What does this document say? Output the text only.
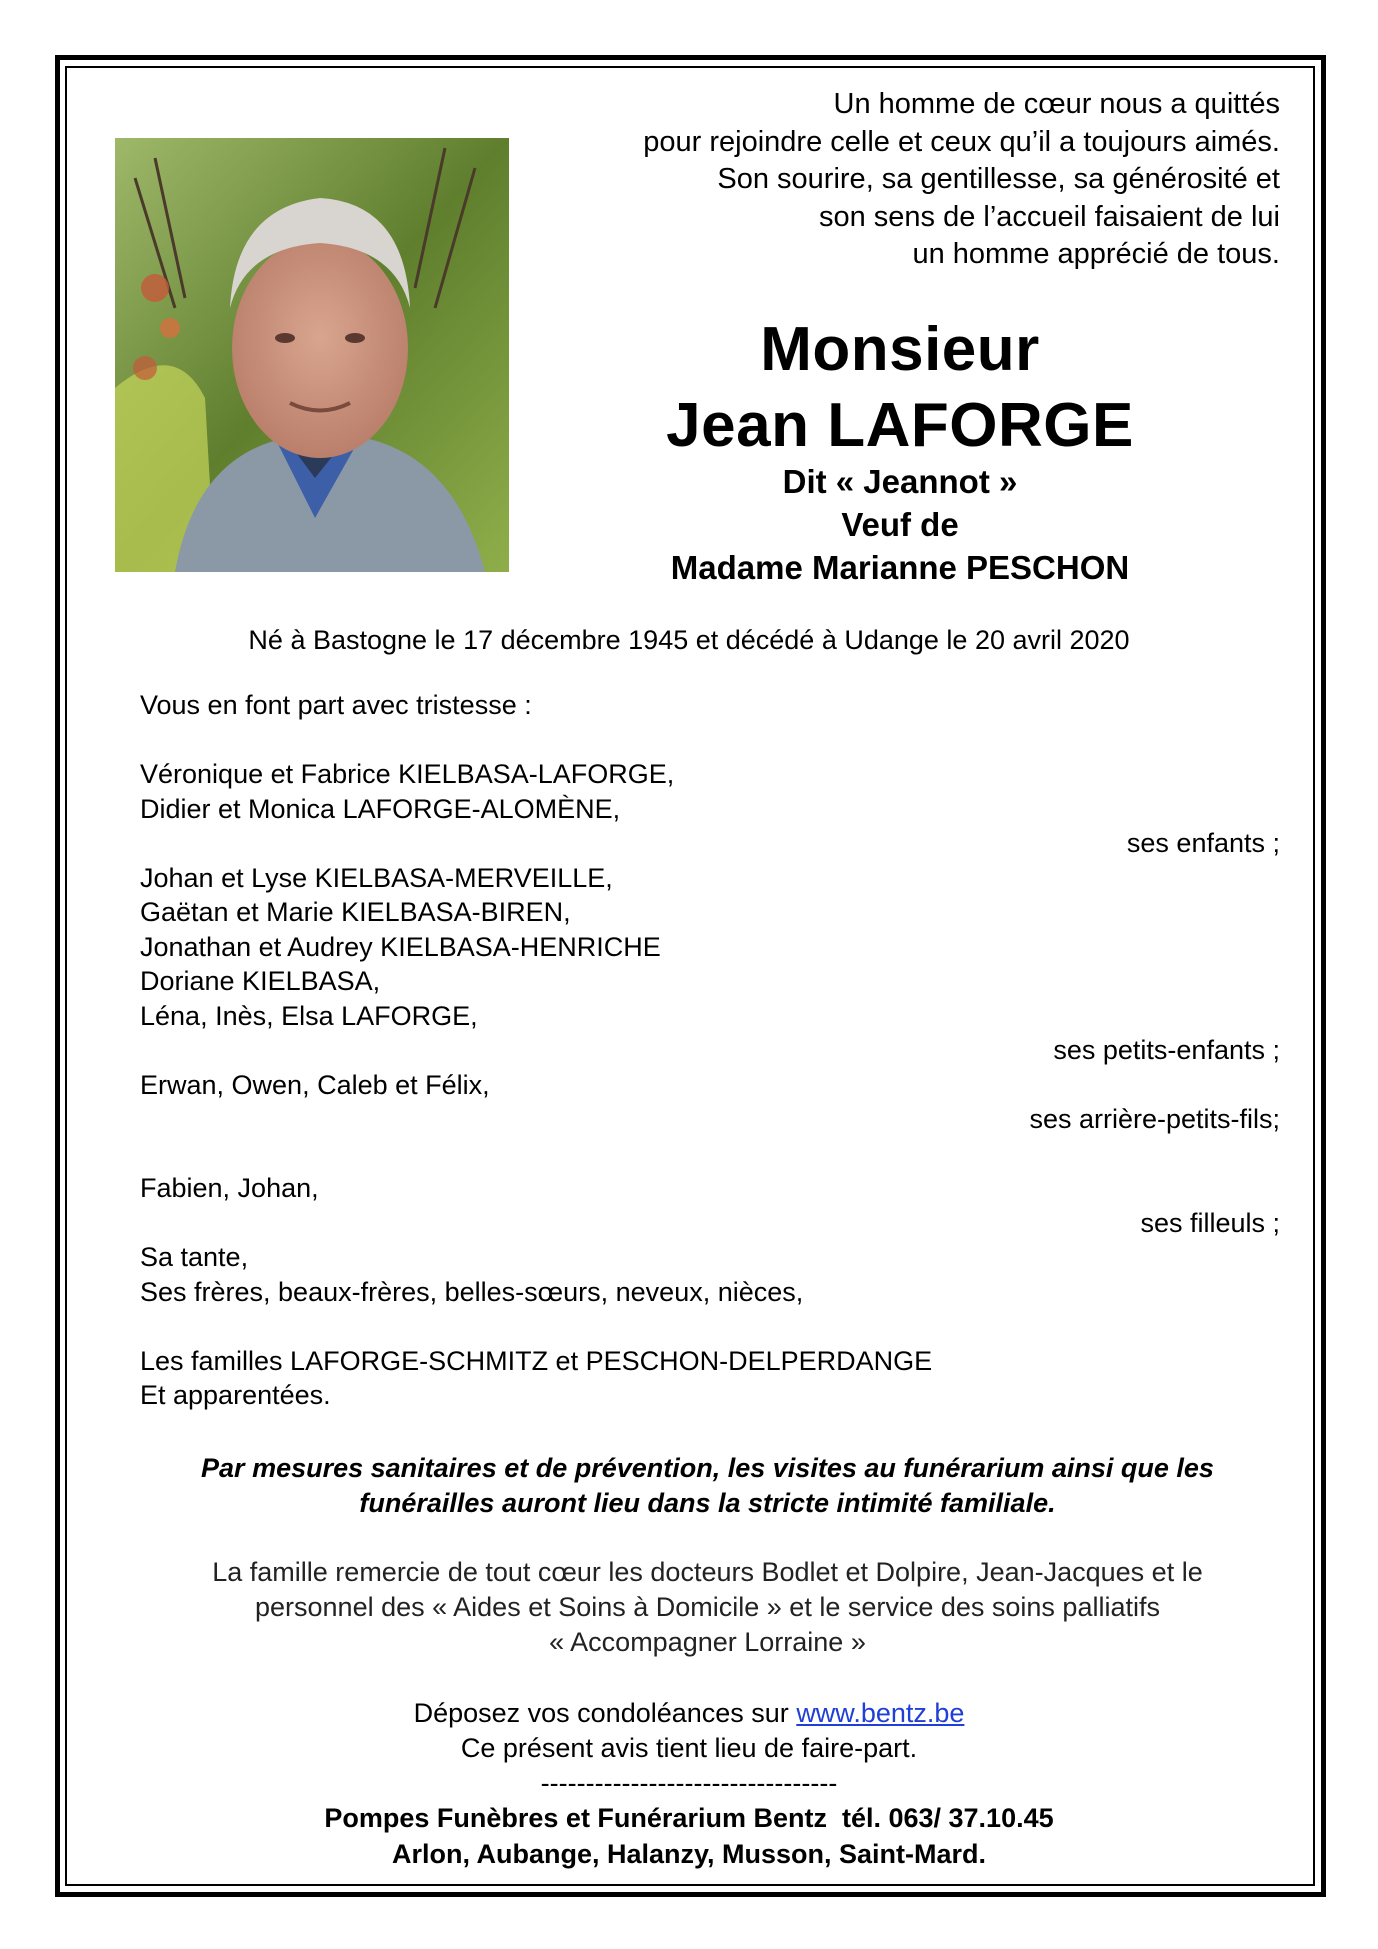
Un homme de cœur nous a quittés
pour rejoindre celle et ceux qu’il a toujours aimés.
Son sourire, sa gentillesse, sa générosité et
son sens de l’accueil faisaient de lui
un homme apprécié de tous.
Monsieur
Jean LAFORGE
Dit « Jeannot »
Veuf de
Madame Marianne PESCHON
Né à Bastogne le 17 décembre 1945 et décédé à Udange le 20 avril 2020
Vous en font part avec tristesse :
Véronique et Fabrice KIELBASA-LAFORGE,
Didier et Monica LAFORGE-ALOMÈNE,
ses enfants ;
Johan et Lyse KIELBASA-MERVEILLE,
Gaëtan et Marie KIELBASA-BIREN,
Jonathan et Audrey KIELBASA-HENRICHE
Doriane KIELBASA,
Léna, Inès, Elsa LAFORGE,
ses petits-enfants ;
Erwan, Owen, Caleb et Félix,
ses arrière-petits-fils;
Fabien, Johan,
ses filleuls ;
Sa tante,
Ses frères, beaux-frères, belles-sœurs, neveux, nièces,
Les familles LAFORGE-SCHMITZ et PESCHON-DELPERDANGE
Et apparentées.
Par mesures sanitaires et de prévention, les visites au funérarium ainsi que les
funérailles auront lieu dans la stricte intimité familiale.
La famille remercie de tout cœur les docteurs Bodlet et Dolpire, Jean-Jacques et le
personnel des « Aides et Soins à Domicile » et le service des soins palliatifs
« Accompagner Lorraine »
Déposez vos condoléances sur www.bentz.be
Ce présent avis tient lieu de faire-part.
---------------------------------
Pompes Funèbres et Funérarium Bentz  tél. 063/ 37.10.45
Arlon, Aubange, Halanzy, Musson, Saint-Mard.
